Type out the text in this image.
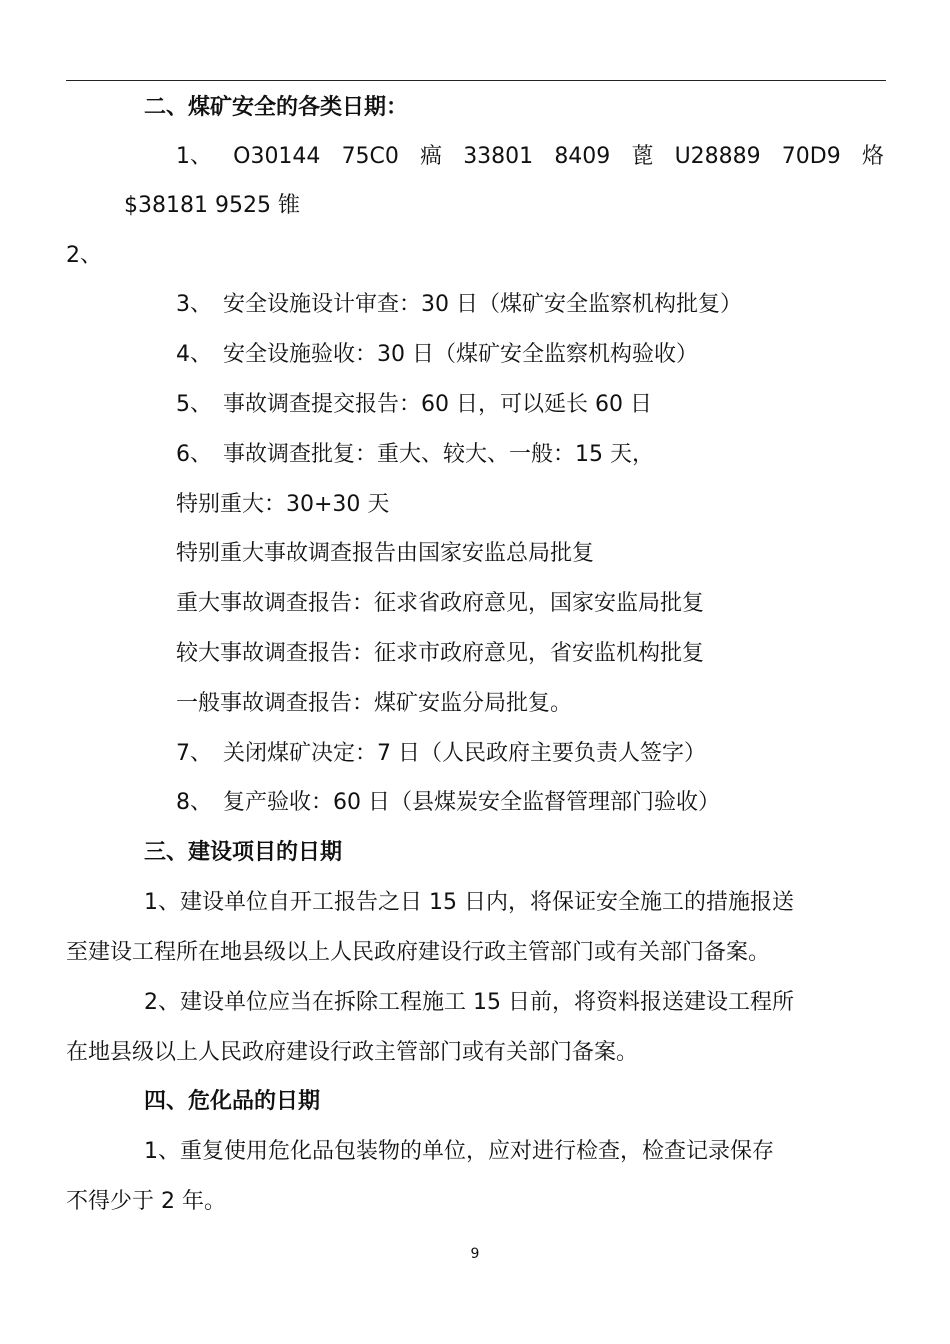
二、煤矿安全的各类日期：
1、 O30144 75C0 瘑 33801 8409 蓖 U28889 70D9 烙
$38181 9525 锥
2、
3、　安全设施设计审查：30 日（煤矿安全监察机构批复）
4、　安全设施验收：30 日（煤矿安全监察机构验收）
5、　事故调查提交报告：60 日，可以延长 60 日
6、　事故调查批复：重大、较大、一般：15 天，
特别重大：30+30 天
特别重大事故调查报告由国家安监总局批复
重大事故调查报告：征求省政府意见，国家安监局批复
较大事故调查报告：征求市政府意见，省安监机构批复
一般事故调查报告：煤矿安监分局批复。
7、　关闭煤矿决定：7 日（人民政府主要负责人签字）
8、　复产验收：60 日（县煤炭安全监督管理部门验收）
三、建设项目的日期
1、建设单位自开工报告之日 15 日内，将保证安全施工的措施报送
至建设工程所在地县级以上人民政府建设行政主管部门或有关部门备案。
2、建设单位应当在拆除工程施工 15 日前，将资料报送建设工程所
在地县级以上人民政府建设行政主管部门或有关部门备案。
四、危化品的日期
1、重复使用危化品包装物的单位，应对进行检查，检查记录保存
不得少于 2 年。
9
